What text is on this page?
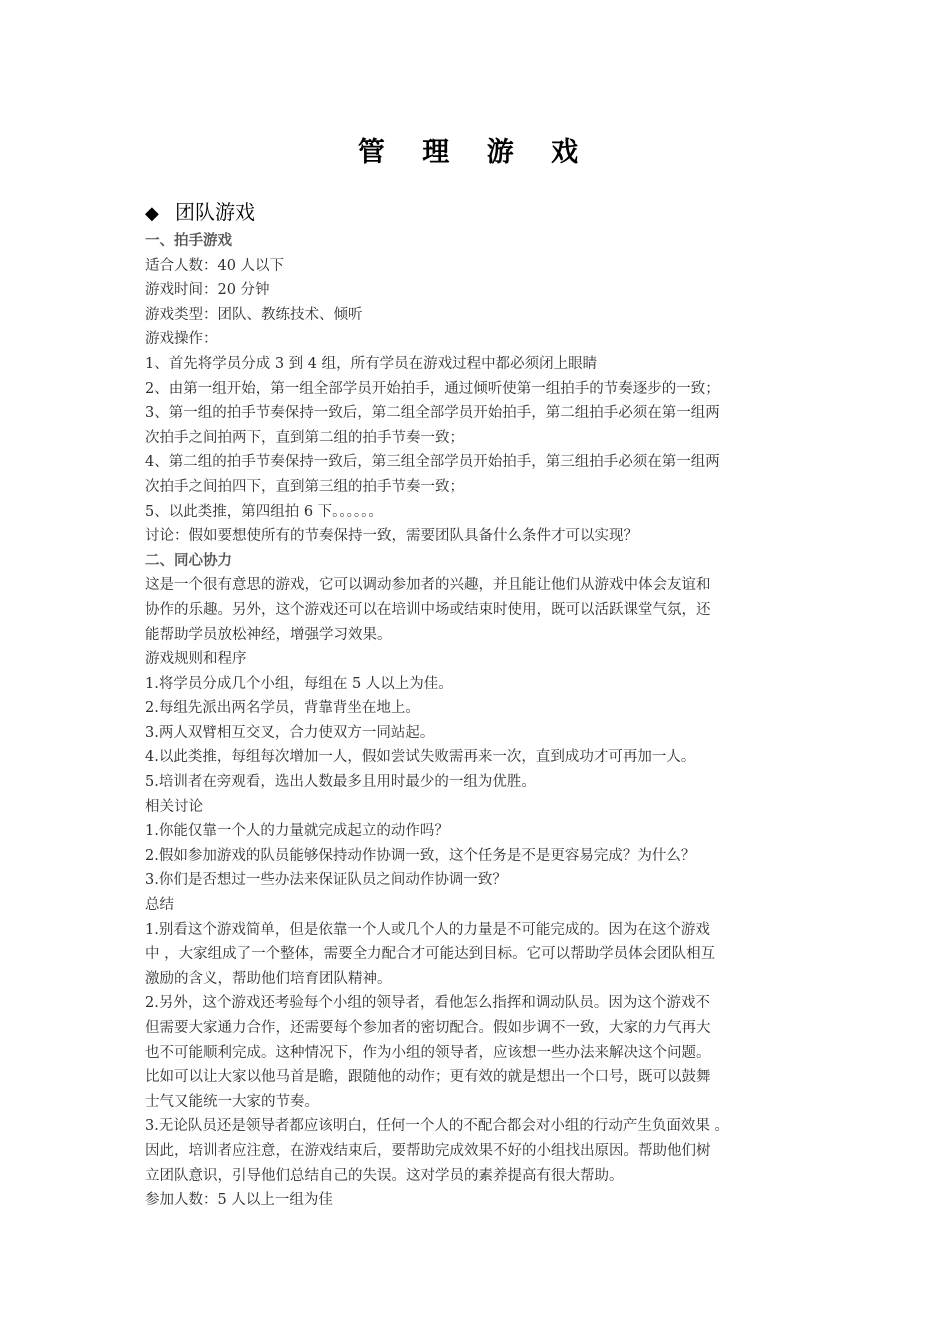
管 理 游 戏
◆ 团队游戏
一、拍手游戏
适合人数：40 人以下
游戏时间：20 分钟
游戏类型：团队、教练技术、倾听
游戏操作：
1、首先将学员分成 3 到 4 组，所有学员在游戏过程中都必须闭上眼睛
2、由第一组开始，第一组全部学员开始拍手，通过倾听使第一组拍手的节奏逐步的一致；
3、第一组的拍手节奏保持一致后，第二组全部学员开始拍手，第二组拍手必须在第一组两
次拍手之间拍两下，直到第二组的拍手节奏一致；
4、第二组的拍手节奏保持一致后，第三组全部学员开始拍手，第三组拍手必须在第一组两
次拍手之间拍四下，直到第三组的拍手节奏一致；
5、以此类推，第四组拍 6 下。。。。。。
讨论：假如要想使所有的节奏保持一致，需要团队具备什么条件才可以实现？
二、同心协力
这是一个很有意思的游戏，它可以调动参加者的兴趣，并且能让他们从游戏中体会友谊和
协作的乐趣。另外，这个游戏还可以在培训中场或结束时使用，既可以活跃课堂气氛，还
能帮助学员放松神经，增强学习效果。
游戏规则和程序
1.将学员分成几个小组，每组在 5 人以上为佳。
2.每组先派出两名学员，背靠背坐在地上。
3.两人双臂相互交叉，合力使双方一同站起。
4.以此类推，每组每次增加一人，假如尝试失败需再来一次，直到成功才可再加一人。
5.培训者在旁观看，选出人数最多且用时最少的一组为优胜。
相关讨论
1.你能仅靠一个人的力量就完成起立的动作吗？
2.假如参加游戏的队员能够保持动作协调一致，这个任务是不是更容易完成？为什么？
3.你们是否想过一些办法来保证队员之间动作协调一致？
总结
1.别看这个游戏简单，但是依靠一个人或几个人的力量是不可能完成的。因为在这个游戏
中 ，大家组成了一个整体，需要全力配合才可能达到目标。它可以帮助学员体会团队相互
激励的含义，帮助他们培育团队精神。
2.另外，这个游戏还考验每个小组的领导者，看他怎么指挥和调动队员。因为这个游戏不
但需要大家通力合作，还需要每个参加者的密切配合。假如步调不一致，大家的力气再大
也不可能顺利完成。这种情况下，作为小组的领导者，应该想一些办法来解决这个问题。
比如可以让大家以他马首是瞻，跟随他的动作；更有效的就是想出一个口号，既可以鼓舞
士气又能统一大家的节奏。
3.无论队员还是领导者都应该明白，任何一个人的不配合都会对小组的行动产生负面效果 。
因此，培训者应注意，在游戏结束后，要帮助完成效果不好的小组找出原因。帮助他们树
立团队意识，引导他们总结自己的失误。这对学员的素养提高有很大帮助。
参加人数：5 人以上一组为佳
